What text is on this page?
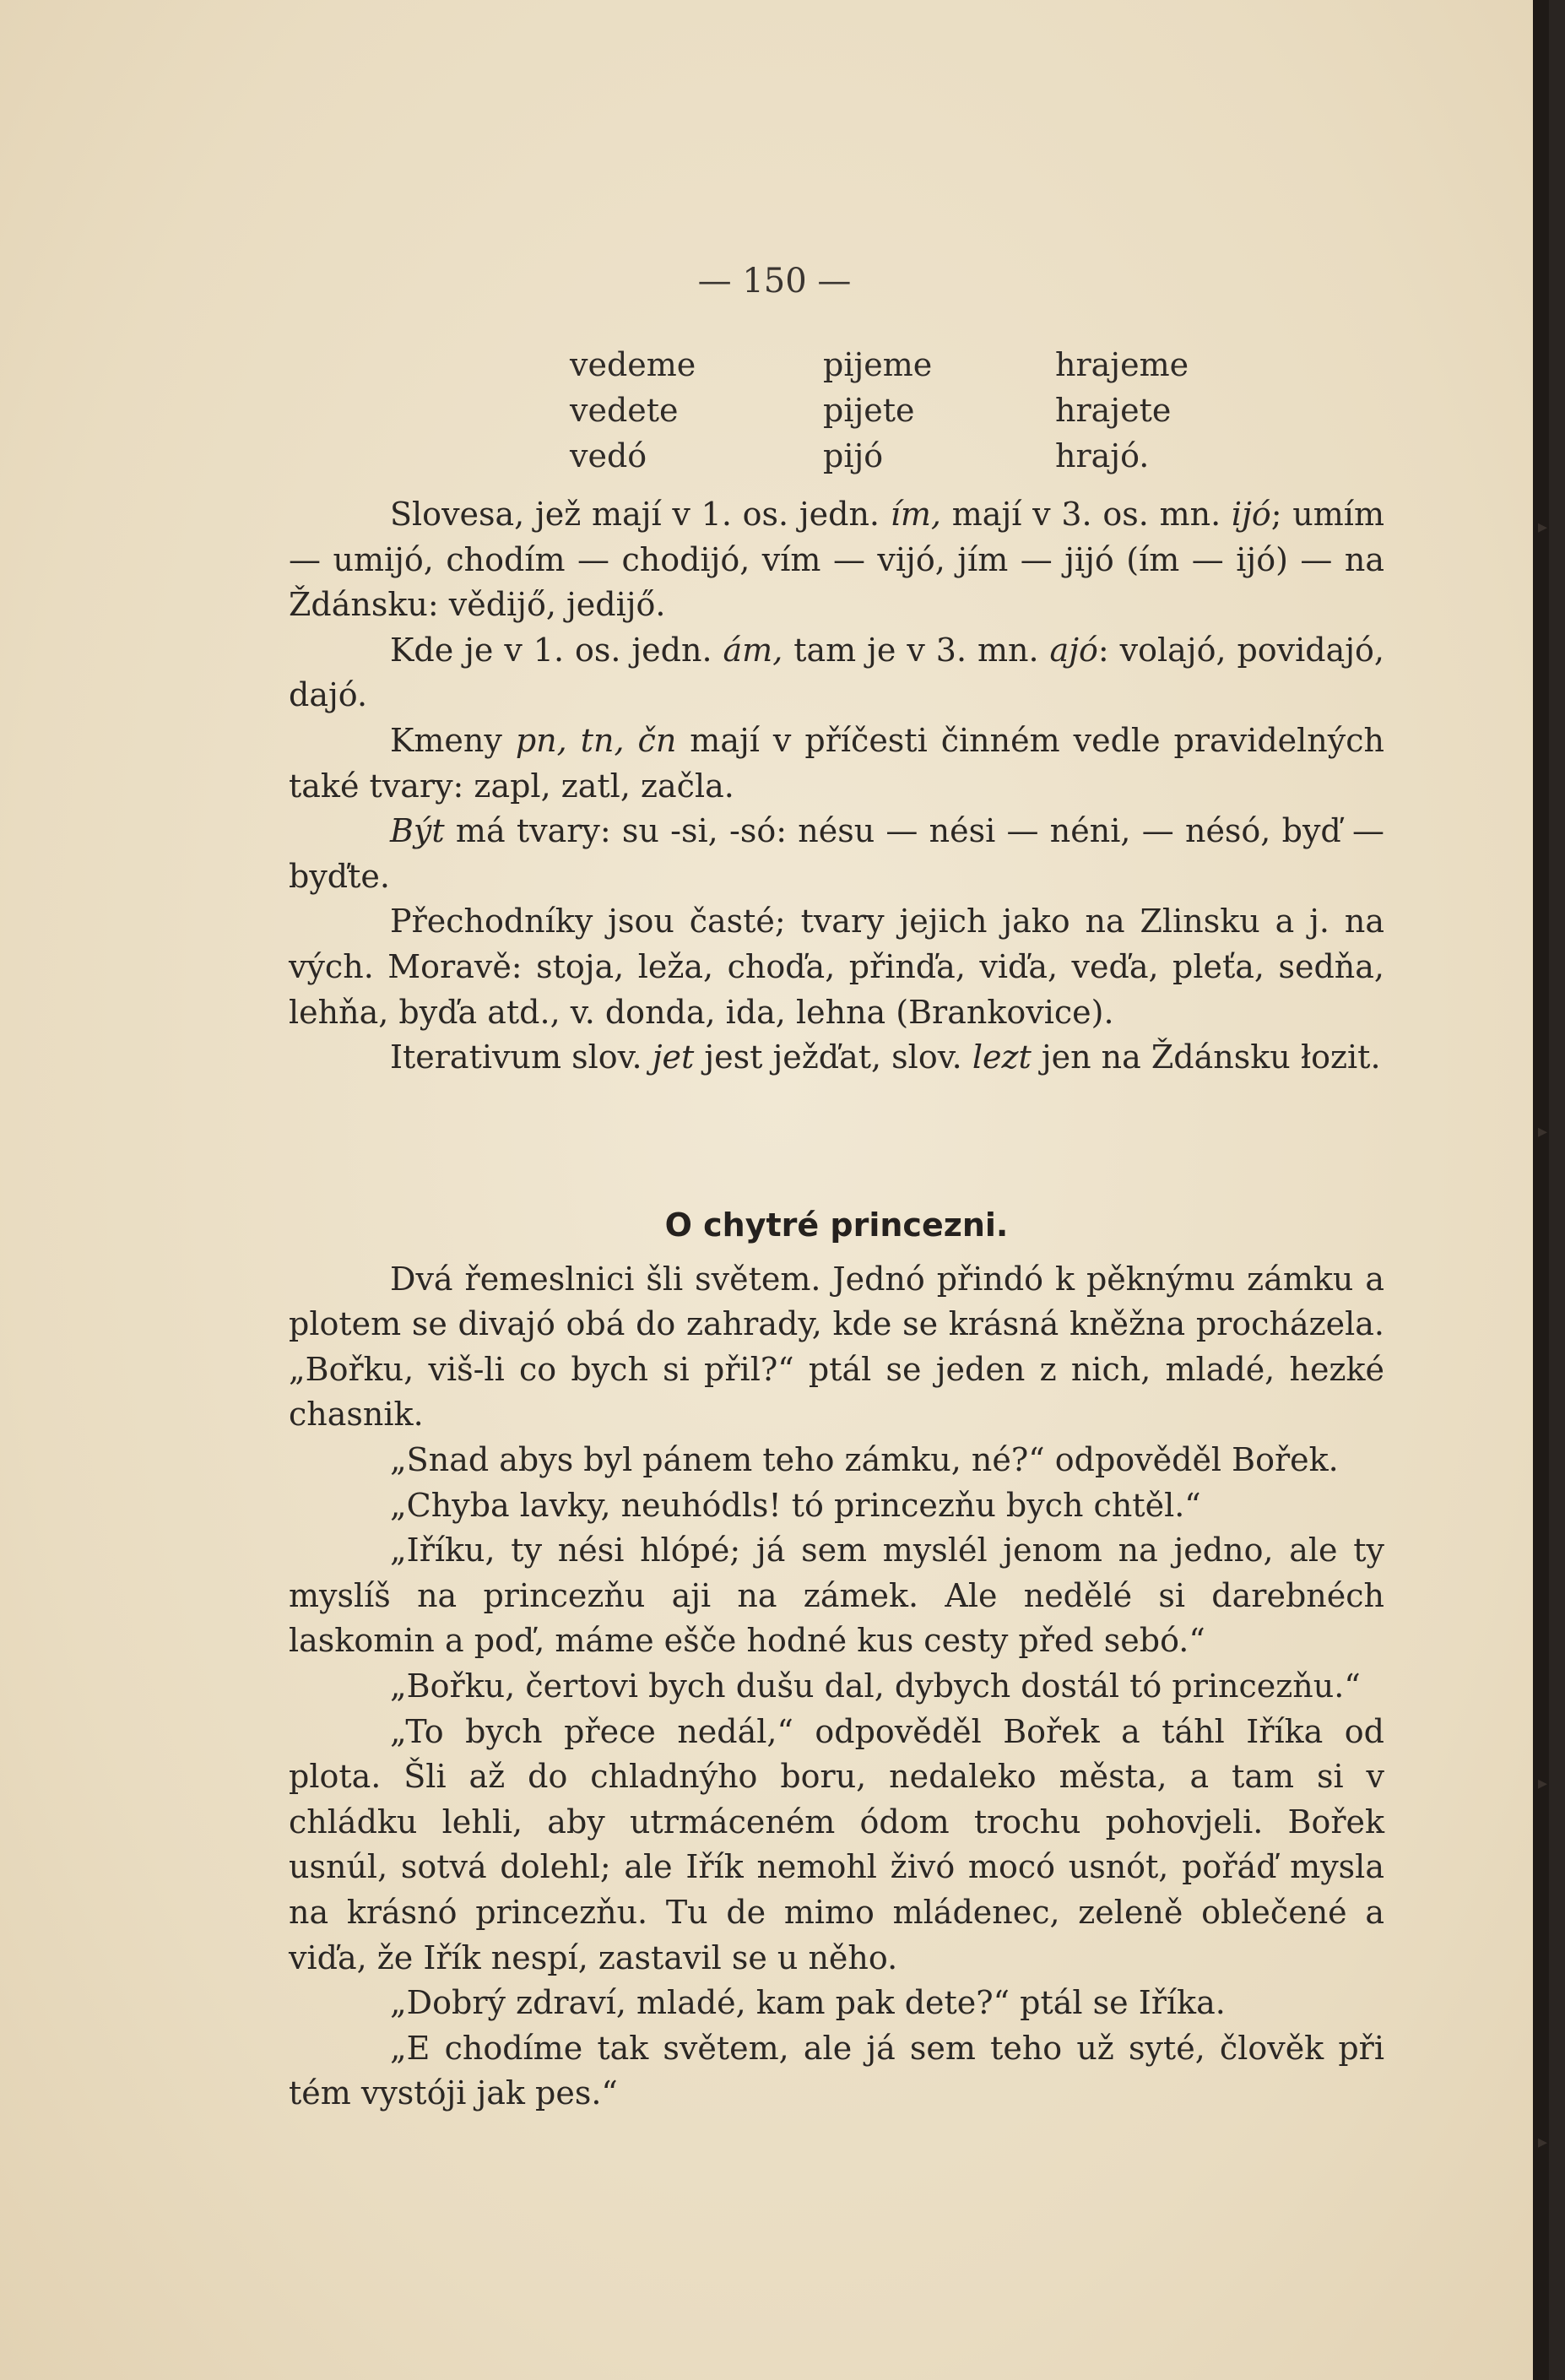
▸
▸
▸
▸
— 150 —
vedeme	pijeme	hrajeme
vedete	pijete	hrajete
vedó	pijó	hrajó.

Slovesa, jež mají v 1. os. jedn. ím, mají v 3. os. mn. ijó; umím — umijó, chodím — chodijó, vím — vijó, jím — jijó (ím — ijó) — na Ždánsku: vědijő, jedijő.

Kde je v 1. os. jedn. ám, tam je v 3. mn. ajó: volajó, povidajó, dajó.

Kmeny pn, tn, čn mají v příčesti činném vedle pravidelných také tvary: zapl, zatl, začla.

Být má tvary: su -si, -só: nésu — nési — néni, — nésó, byď — byďte.

Přechodníky jsou časté; tvary jejich jako na Zlinsku a j. na vých. Moravě: stoja, leža, choďa, přinďa, viďa, veďa, pleťa, sedňa, lehňa, byďa atd., v. donda, ida, lehna (Brankovice).

Iterativum slov. jet jest ježďat, slov. lezt jen na Ždánsku łozit.

O chytré princezni.

Dvá řemeslnici šli světem. Jednó přindó k pěknýmu zámku a plotem se divajó obá do zahrady, kde se krásná kněžna procházela. „Bořku, viš-li co bych si přil?“ ptál se jeden z nich, mladé, hezké chasnik.

„Snad abys byl pánem teho zámku, né?“ odpověděl Bořek.

„Chyba lavky, neuhódls! tó princezňu bych chtěl.“

„Iříku, ty nési hlópé; já sem myslél jenom na jedno, ale ty myslíš na princezňu aji na zámek. Ale nedělé si darebnéch laskomin a poď, máme ešče hodné kus cesty před sebó.“

„Bořku, čertovi bych dušu dal, dybych dostál tó princezňu.“

„To bych přece nedál,“ odpověděl Bořek a táhl Iříka od plota. Šli až do chladnýho boru, nedaleko městа, a tam si v chládku lehli, aby utrmáceném ódom trochu pohovjeli. Bořek usnúl, sotvá dolehl; ale Iřík nemohl živó mocó usnót, pořáď mysla na krásnó princezňu. Tu de mimo mládenec, zeleně oblečené a viďa, že Iřík nespí, zastavil se u něho.

„Dobrý zdraví, mladé, kam pak dete?“ ptál se Iříka.

„E chodíme tak světem, ale já sem teho už syté, člověk při tém vystóji jak pes.“
